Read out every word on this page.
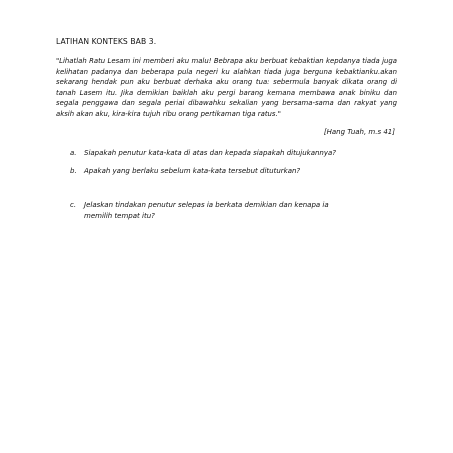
LATIHAN KONTEKS BAB 3.
"Lihatlah Ratu Lesam ini memberi aku malu! Bebrapa aku berbuat kebaktian kepdanya tiada juga kelihatan padanya dan beberapa pula negeri ku alahkan tiada juga berguna kebaktianku.akan sekarang hendak pun aku berbuat derhaka aku orang tua: sebermula banyak dikata orang di tanah Lasem itu. Jika demikian baiklah aku pergi barang kemana membawa anak biniku dan segala penggawa dan segala periai dibawahku sekalian yang bersama-sama dan rakyat yang aksih akan aku, kira-kira tujuh ribu orang pertikaman tiga ratus."
[Hang Tuah, m.s 41]
a. Siapakah penutur kata-kata di atas dan kepada siapakah ditujukannya?
b. Apakah yang berlaku sebelum kata-kata tersebut dituturkan?
c. Jelaskan tindakan penutur selepas ia berkata demikian dan kenapa ia memilih tempat itu?
